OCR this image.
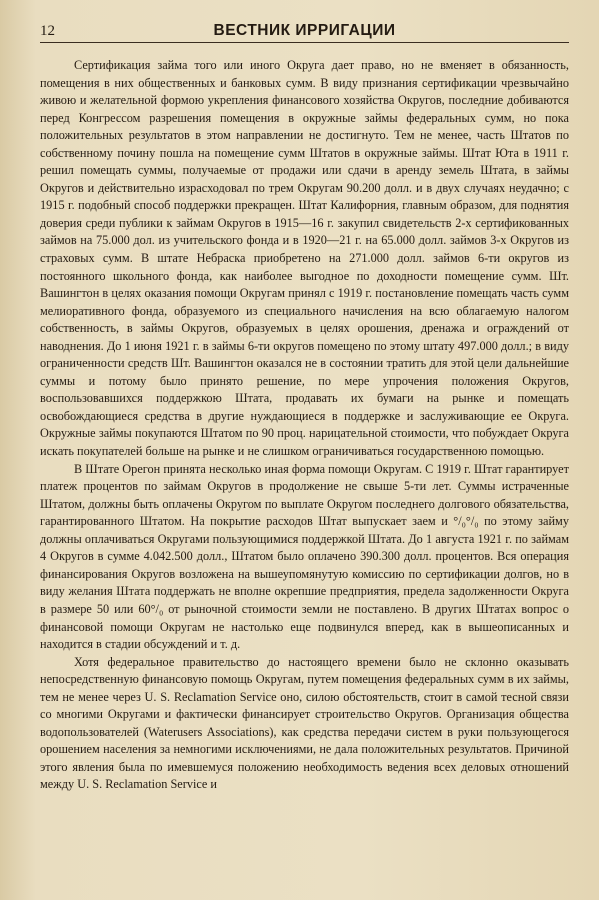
12	ВЕСТНИК ИРРИГАЦИИ

Сертификация займа того или иного Округа дает право, но не вменяет в обязанность, помещения в них общественных и банковых сумм. В виду признания сертификации чрезвычайно живою и желательной формою укрепления финансового хозяйства Округов, последние добиваются перед Конгрессом разрешения помещения в окружные займы федеральных сумм, но пока положительных результатов в этом направлении не достигнуто. Тем не менее, часть Штатов по собственному почину пошла на помещение сумм Штатов в окружные займы. Штат Юта в 1911 г. решил помещать суммы, получаемые от продажи или сдачи в аренду земель Штата, в займы Округов и действительно израсходовал по трем Округам 90.200 долл. и в двух случаях неудачно; с 1915 г. подобный способ поддержки прекращен. Штат Калифорния, главным образом, для поднятия доверия среди публики к займам Округов в 1915—16 г. закупил свидетельств 2-х сертификованных займов на 75.000 дол. из учительского фонда и в 1920—21 г. на 65.000 долл. займов 3-х Округов из страховых сумм. В штате Небраска приобретено на 271.000 долл. займов 6-ти округов из постоянного школьного фонда, как наиболее выгодное по доходности помещение сумм. Шт. Вашингтон в целях оказания помощи Округам принял с 1919 г. постановление помещать часть сумм мелиоративного фонда, образуемого из специального начисления на всю облагаемую налогом собственность, в займы Округов, образуемых в целях орошения, дренажа и ограждений от наводнения. До 1 июня 1921 г. в займы 6-ти округов помещено по этому штату 497.000 долл.; в виду ограниченности средств Шт. Вашингтон оказался не в состоянии тратить для этой цели дальнейшие суммы и потому было принято решение, по мере упрочения положения Округов, воспользовавшихся поддержкою Штата, продавать их бумаги на рынке и помещать освобождающиеся средства в другие нуждающиеся в поддержке и заслуживающие ее Округа. Окружные займы покупаются Штатом по 90 проц. нарицательной стоимости, что побуждает Округа искать покупателей больше на рынке и не слишком ограничиваться государственною помощью.

В Штате Орегон принята несколько иная форма помощи Округам. С 1919 г. Штат гарантирует платеж процентов по займам Округов в продолжение не свыше 5-ти лет. Суммы истраченные Штатом, должны быть оплачены Округом по выплате Округом последнего долгового обязательства, гарантированного Штатом. На покрытие расходов Штат выпускает заем и °/₀°/₀ по этому займу должны оплачиваться Округами пользующимися поддержкой Штата. До 1 августа 1921 г. по займам 4 Округов в сумме 4.042.500 долл., Штатом было оплачено 390.300 долл. процентов. Вся операция финансирования Округов возложена на вышеупомянутую комиссию по сертификации долгов, но в виду желания Штата поддержать не вполне окрепшие предприятия, предела задолженности Округа в размере 50 или 60°/₀ от рыночной стоимости земли не поставлено. В других Штатах вопрос о финансовой помощи Округам не настолько еще подвинулся вперед, как в вышеописанных и находится в стадии обсуждений и т. д.

Хотя федеральное правительство до настоящего времени было не склонно оказывать непосредственную финансовую помощь Округам, путем помещения федеральных сумм в их займы, тем не менее через U. S. Reclamation Service оно, силою обстоятельств, стоит в самой тесной связи со многими Округами и фактически финансирует строительство Округов. Организация общества водопользователей (Waterusers Associations), как средства передачи систем в руки пользующегося орошением населения за немногими исключениями, не дала положительных результатов. Причиной этого явления была по имевшемуся положению необходимость ведения всех деловых отношений между U. S. Reclamation Service и
